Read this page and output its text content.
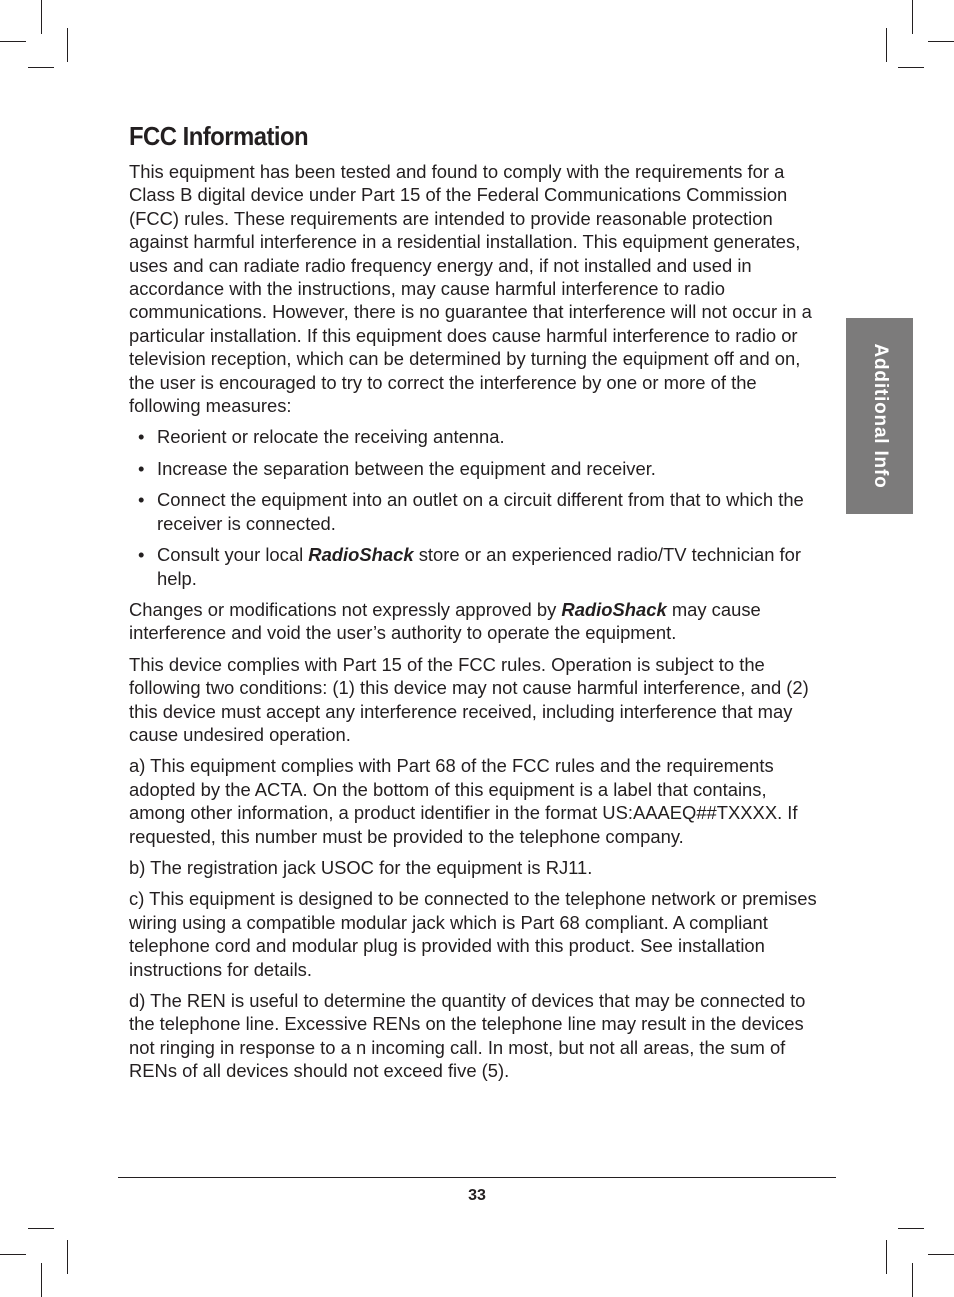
Additional Info
FCC Information

This equipment has been tested and found to comply with the requirements for a Class B digital device under Part 15 of the Federal Communications Commission (FCC) rules. These requirements are intended to provide reasonable protection against harmful interference in a residential installation. This equipment generates, uses and can radiate radio frequency energy and, if not installed and used in accordance with the instructions, may cause harmful interference to radio communications. However, there is no guarantee that interference will not occur in a particular installation. If this equipment does cause harmful interference to radio or television reception, which can be determined by turning the equipment off and on, the user is encouraged to try to correct the interference by one or more of the following measures:

• Reorient or relocate the receiving antenna.
• Increase the separation between the equipment and receiver.
• Connect the equipment into an outlet on a circuit different from that to which the receiver is connected.
• Consult your local RadioShack store or an experienced radio/TV technician for help.

Changes or modifications not expressly approved by RadioShack may cause interference and void the user’s authority to operate the equipment.

This device complies with Part 15 of the FCC rules. Operation is subject to the following two conditions: (1) this device may not cause harmful interference, and (2) this device must accept any interference received, including interference that may cause undesired operation.

a) This equipment complies with Part 68 of the FCC rules and the requirements adopted by the ACTA. On the bottom of this equipment is a label that contains, among other information, a product identifier in the format US:AAAEQ##TXXXX. If requested, this number must be provided to the telephone company.

b) The registration jack USOC for the equipment is RJ11.

c) This equipment is designed to be connected to the telephone network or premises wiring using a compatible modular jack which is Part 68 compliant. A compliant telephone cord and modular plug is provided with this product. See installation instructions for details.

d) The REN is useful to determine the quantity of devices that may be connected to the telephone line. Excessive RENs on the telephone line may result in the devices not ringing in response to a n incoming call. In most, but not all areas, the sum of RENs of all devices should not exceed five (5).

33
